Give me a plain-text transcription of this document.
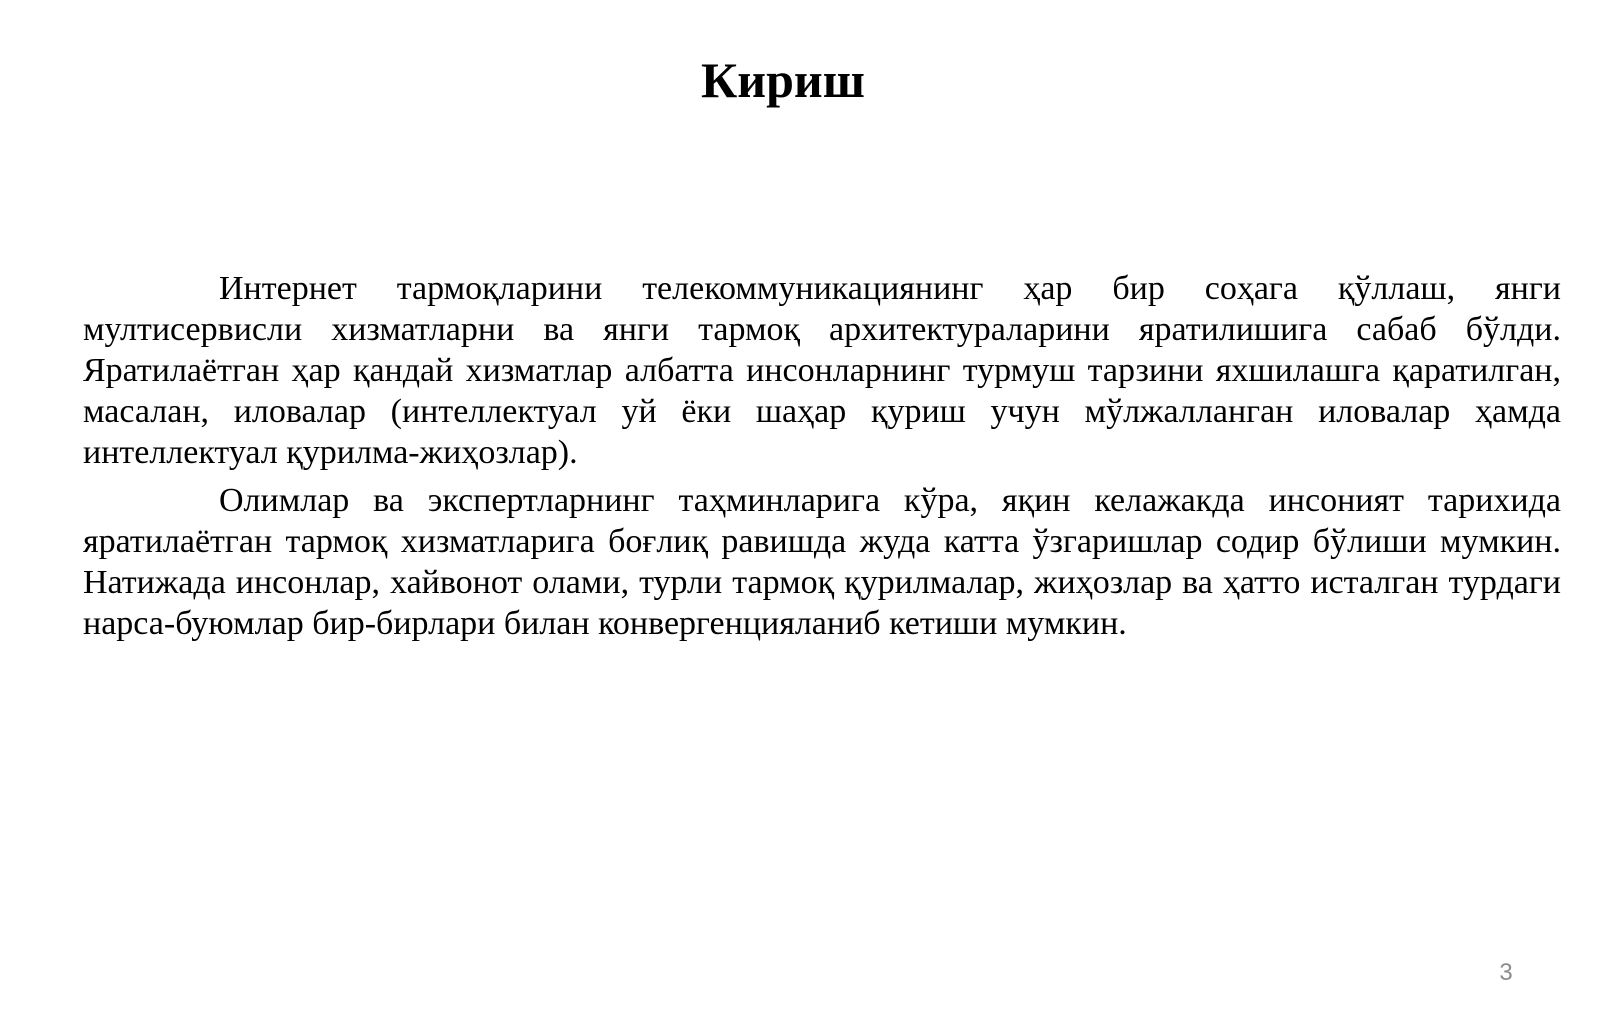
Кириш

Интернет тармоқларини телекоммуникациянинг ҳар бир соҳага қўллаш, янги мултисервисли хизматларни ва янги тармоқ архитектураларини яратилишига сабаб бўлди. Яратилаётган ҳар қандай хизматлар албатта инсонларнинг турмуш тарзини яхшилашга қаратилган, масалан, иловалар (интеллектуал уй ёки шаҳар қуриш учун мўлжалланган иловалар ҳамда интеллектуал қурилма-жиҳозлар).

Олимлар ва экспертларнинг таҳминларига кўра, яқин келажакда инсоният тарихида яратилаётган тармоқ хизматларига боғлиқ равишда жуда катта ўзгаришлар содир бўлиши мумкин. Натижада инсонлар, хайвонот олами, турли тармоқ қурилмалар, жиҳозлар ва ҳатто исталган турдаги нарса-буюмлар бир-бирлари билан конвергенцияланиб кетиши мумкин.

3
